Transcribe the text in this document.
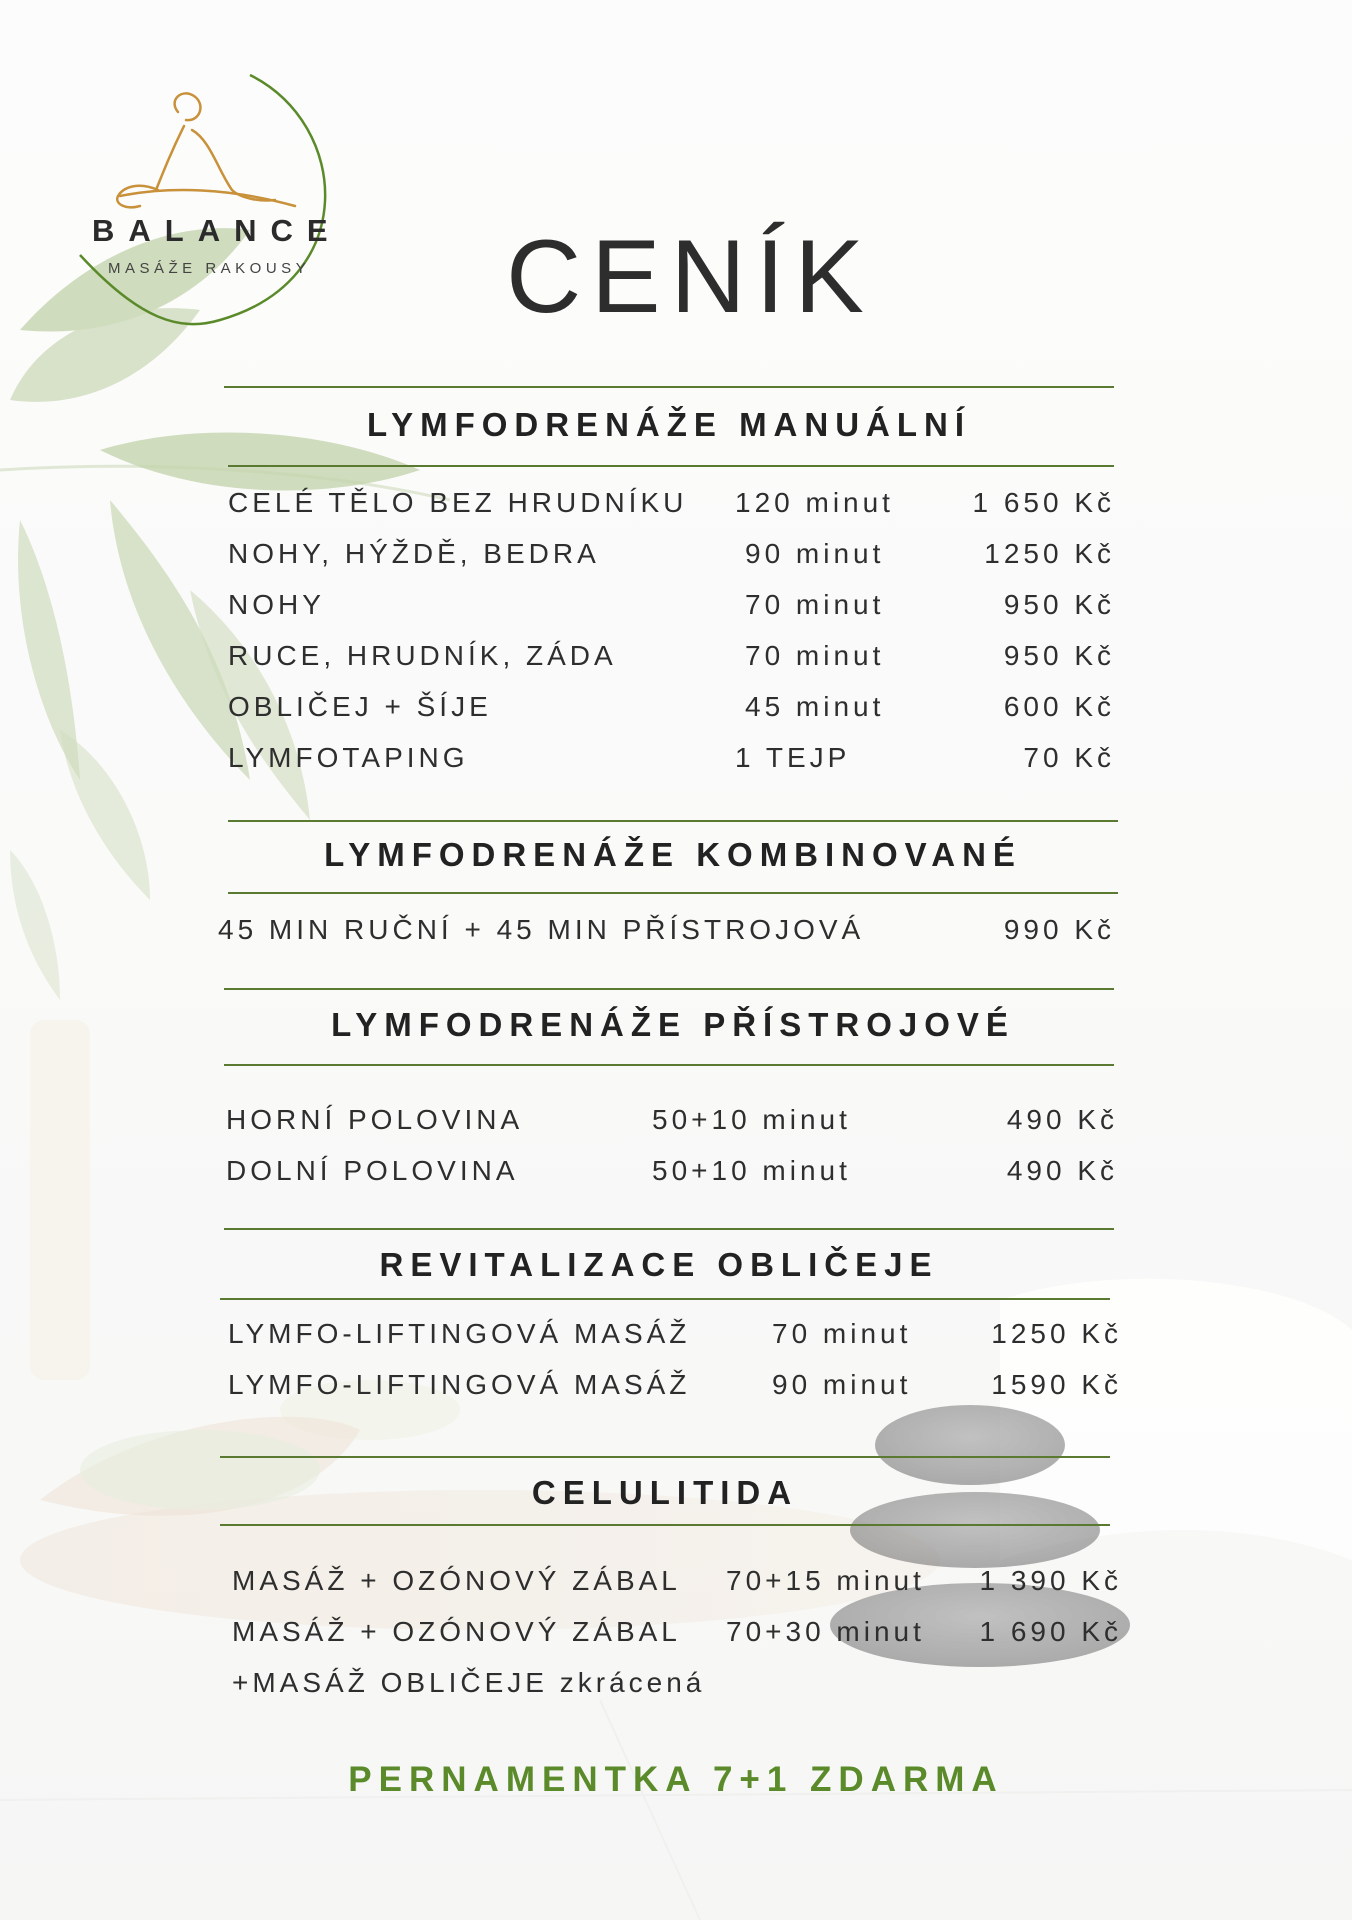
BALANCE
MASÁŽE RAKOUSY	CENÍK
LYMFODRENÁŽE MANUÁLNÍ
CELÉ TĚLO BEZ HRUDNÍKU 120 minut	1 650 Kč
NOHY, HÝŽDĚ, BEDRA	90 minut	1250 Kč
NOHY	70 minut	950 Kč
RUCE, HRUDNÍK, ZÁDA	70 minut	950 Kč
OBLIČEJ + ŠÍJE	45 minut	600 Kč
LYMFOTAPING	1 TEJP	70 Kč
LYMFODRENÁŽE KOMBINOVANÉ
45 MIN RUČNÍ + 45 MIN PŘÍSTROJOVÁ	990 Kč
LYMFODRENÁŽE PŘÍSTROJOVÉ
HORNÍ POLOVINA	50+10 minut	490 Kč
DOLNÍ POLOVINA	50+10 minut	490 Kč
REVITALIZACE OBLIČEJE
LYMFO-LIFTINGOVÁ MASÁŽ	70 minut	1250 Kč
LYMFO-LIFTINGOVÁ MASÁŽ	90 minut	1590 Kč
CELULITIDA
MASÁŽ + OZÓNOVÝ ZÁBAL 70+15 minut	1 390 Kč
MASÁŽ + OZÓNOVÝ ZÁBAL 70+30 minut	1 690 Kč
+MASÁŽ OBLIČEJE zkrácená
PERNAMENTKA 7+1 ZDARMA
